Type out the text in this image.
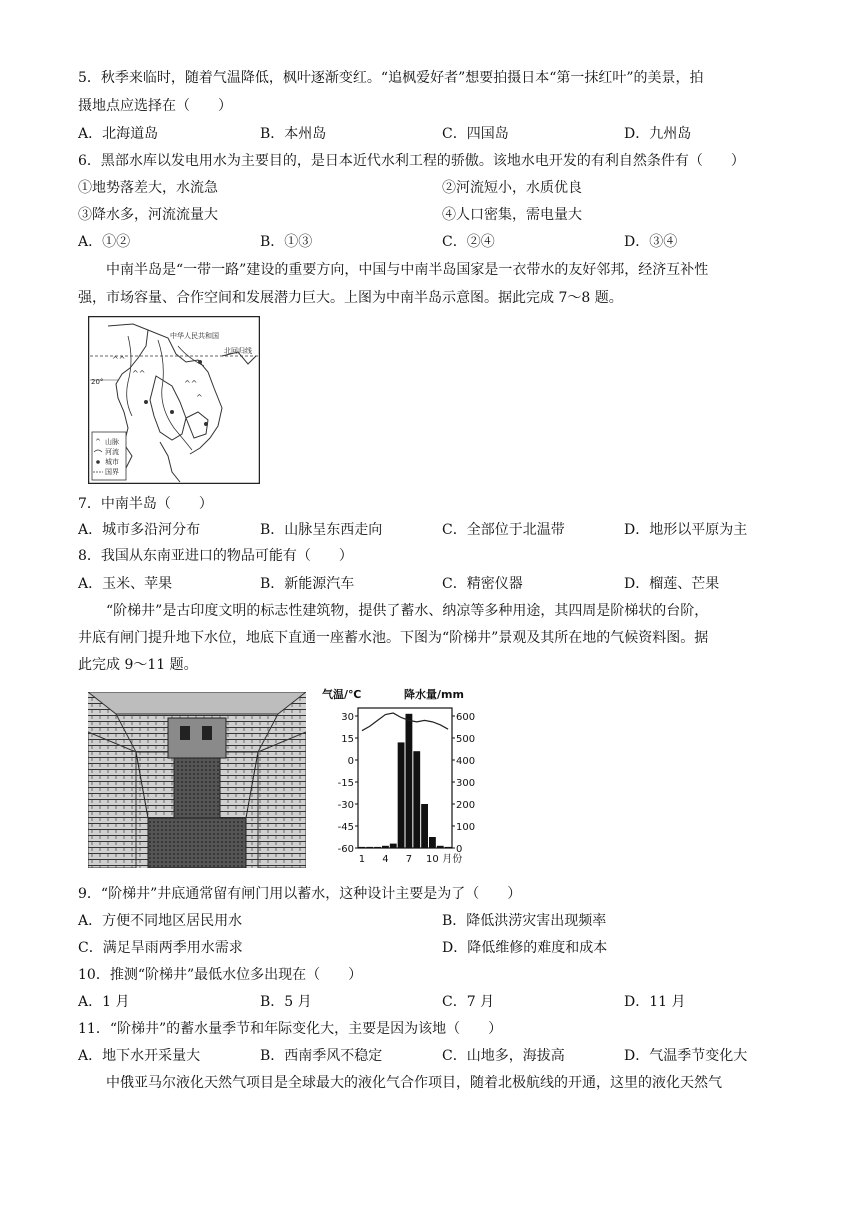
5．秋季来临时，随着气温降低，枫叶逐渐变红。“追枫爱好者”想要拍摄日本“第一抹红叶”的美景，拍
摄地点应选择在（　　）
A．北海道岛	B．本州岛	C．四国岛	D．九州岛
6．黑部水库以发电用水为主要目的，是日本近代水利工程的骄傲。该地水电开发的有利自然条件有（　　）
①地势落差大，水流急	②河流短小，水质优良
③降水多，河流流量大	④人口密集，需电量大
A．①②	B．①③	C．②④	D．③④
中南半岛是“一带一路”建设的重要方向，中国与中南半岛国家是一衣带水的友好邻邦，经济互补性
强，市场容量、合作空间和发展潜力巨大。上图为中南半岛示意图。据此完成 7～8 题。
^^
^^
^
^^
中华人民共和国
北回归线
20°
^ 山脉
河流
城市
国界
7．中南半岛（　　）
A．城市多沿河分布	B．山脉呈东西走向	C．全部位于北温带	D．地形以平原为主
8．我国从东南亚进口的物品可能有（　　）
A．玉米、苹果	B．新能源汽车	C．精密仪器	D．榴莲、芒果
“阶梯井”是古印度文明的标志性建筑物，提供了蓄水、纳凉等多种用途，其四周是阶梯状的台阶，
井底有闸门提升地下水位，地底下直通一座蓄水池。下图为“阶梯井”景观及其所在地的气候资料图。据
此完成 9～11 题。
气温/℃	降水量/mm
30
15
0
-15
-30
-45
-60
600
500
400
300
200
100
0
1 4 7 10 月份
9．“阶梯井”井底通常留有闸门用以蓄水，这种设计主要是为了（　　）
A．方便不同地区居民用水	B．降低洪涝灾害出现频率
C．满足旱雨两季用水需求	D．降低维修的难度和成本
10．推测“阶梯井”最低水位多出现在（　　）
A．1 月	B．5 月	C．7 月	D．11 月
11．“阶梯井”的蓄水量季节和年际变化大，主要是因为该地（　　）
A．地下水开采量大	B．西南季风不稳定	C．山地多，海拔高	D．气温季节变化大
中俄亚马尔液化天然气项目是全球最大的液化气合作项目，随着北极航线的开通，这里的液化天然气
